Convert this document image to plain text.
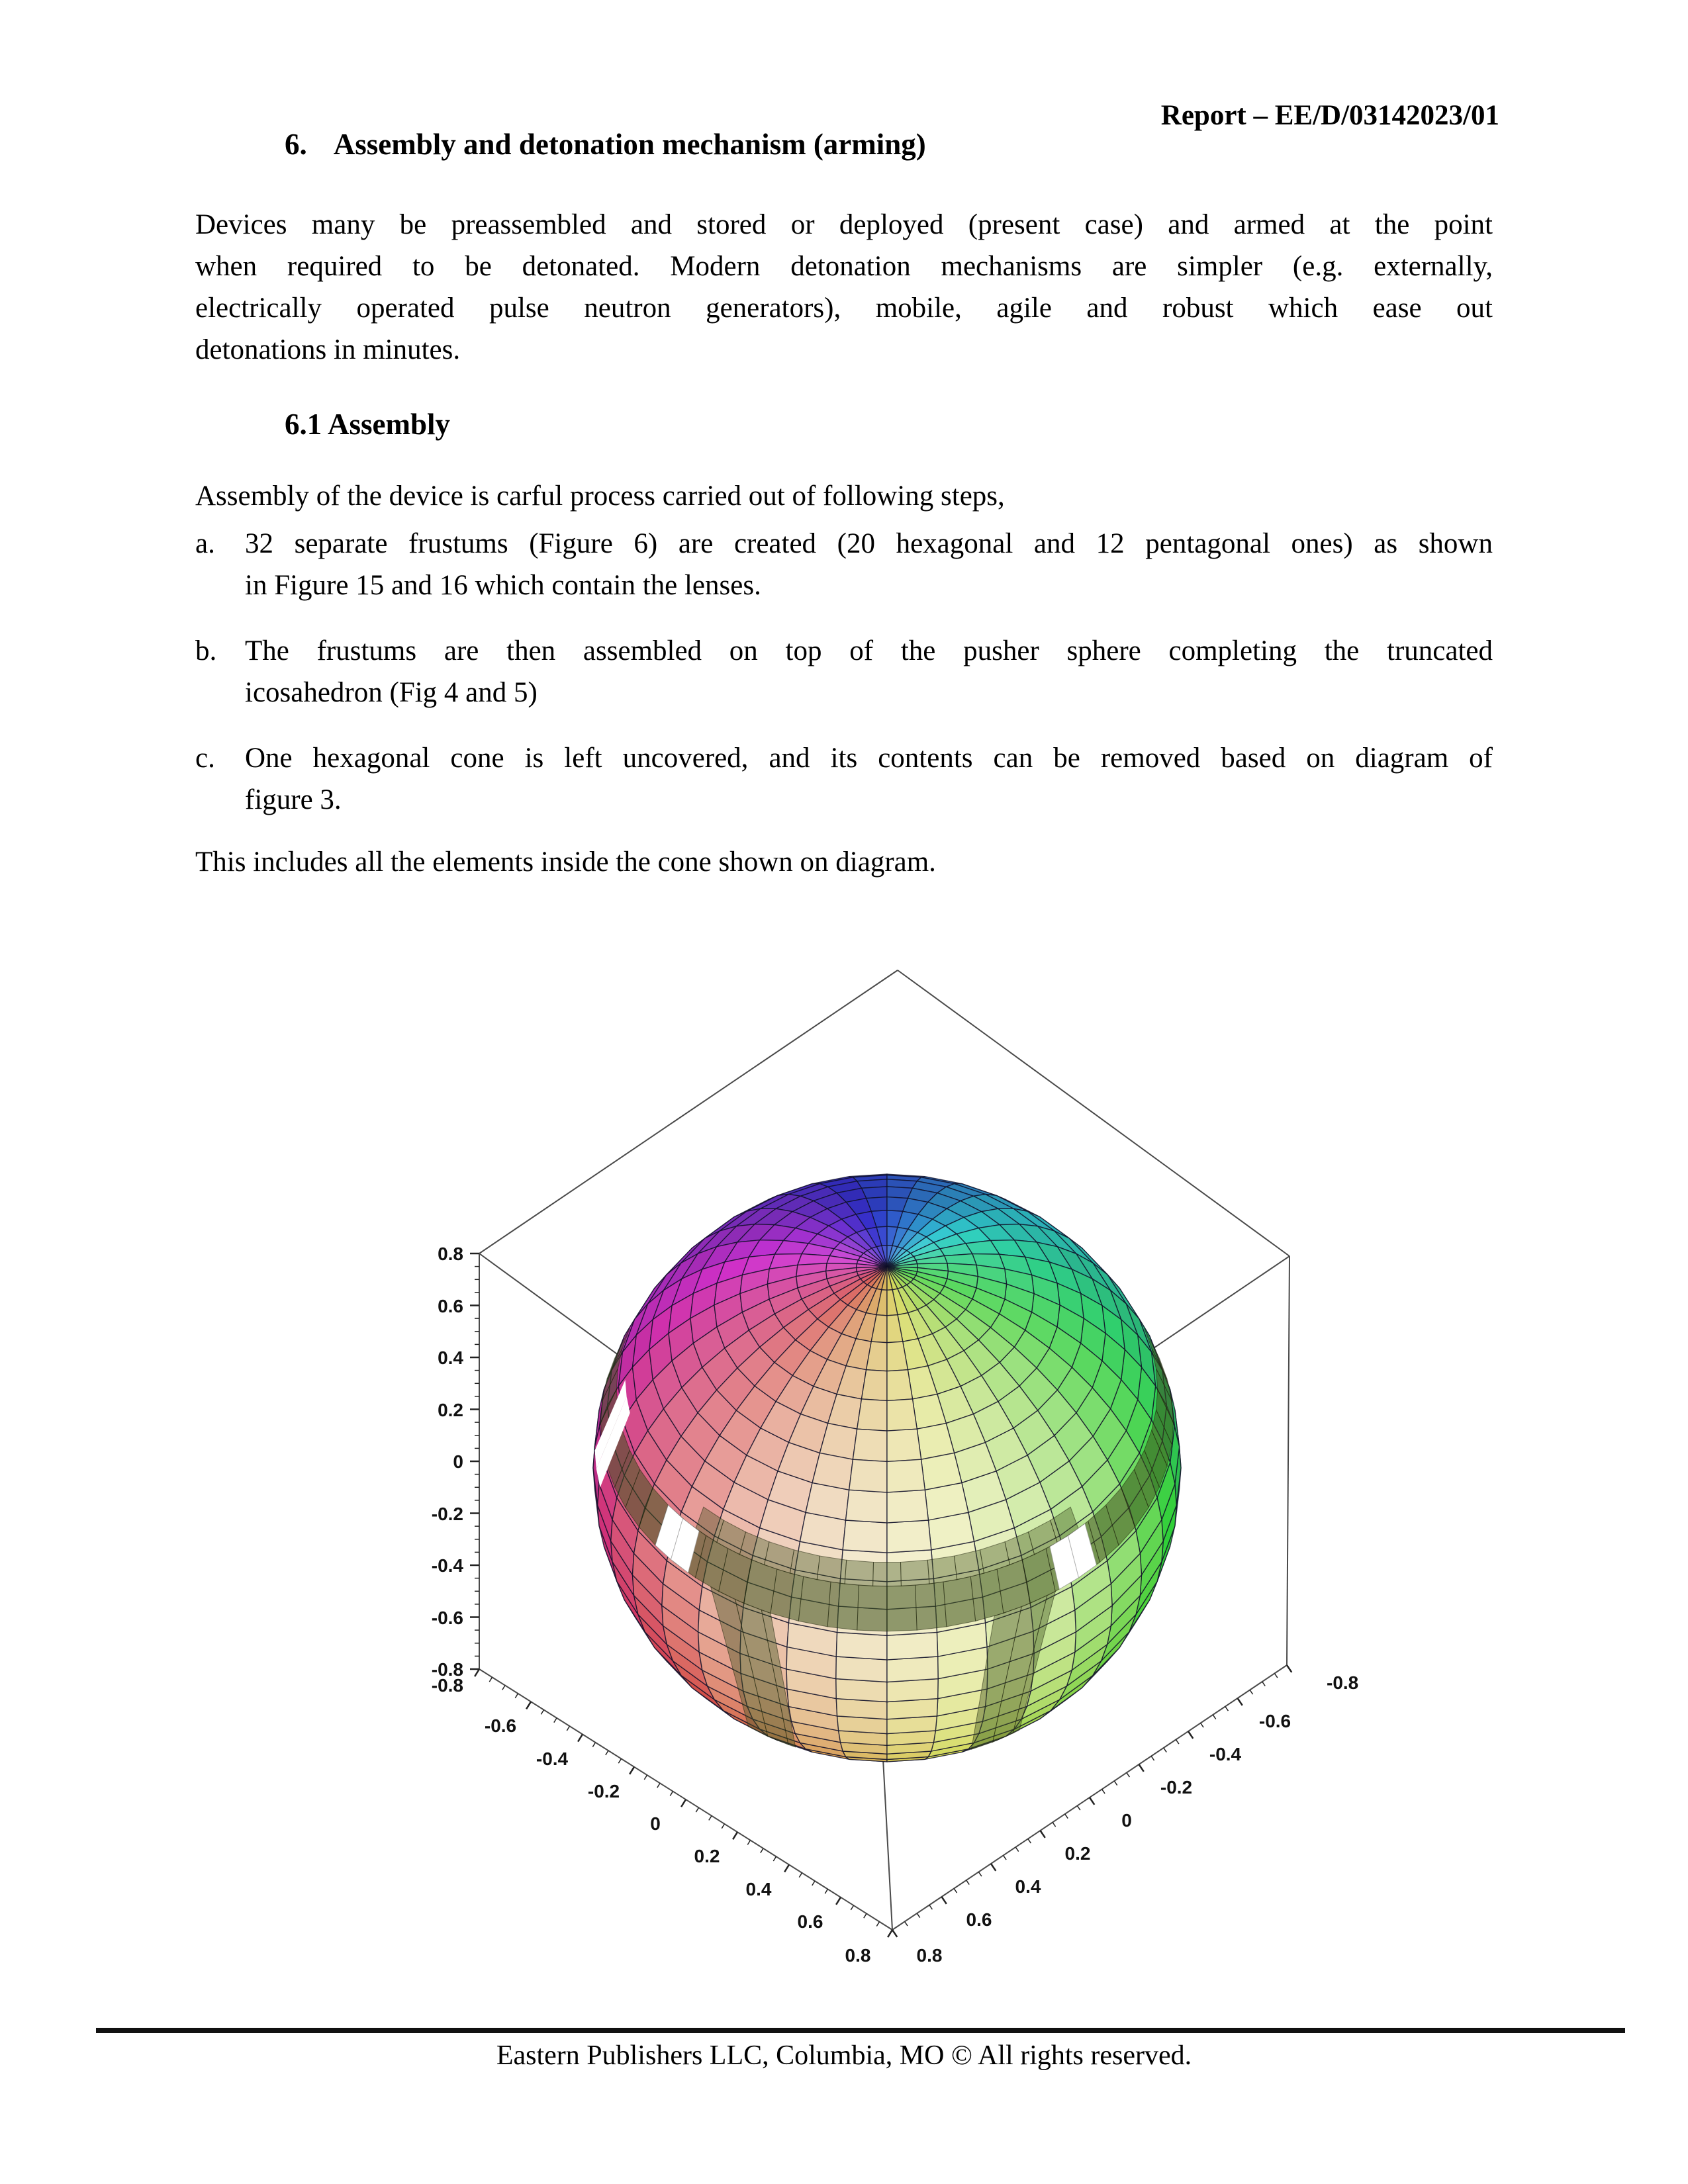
Report – EE/D/03142023/01
6. Assembly and detonation mechanism (arming)
Devices many be preassembled and stored or deployed (present case) and armed at the point
when required to be detonated. Modern detonation mechanisms are simpler (e.g. externally,
electrically operated pulse neutron generators), mobile, agile and robust which ease out
detonations in minutes.
6.1 Assembly
Assembly of the device is carful process carried out of following steps,
a. 32 separate frustums (Figure 6) are created (20 hexagonal and 12 pentagonal ones) as shown
in Figure 15 and 16 which contain the lenses.
b. The frustums are then assembled on top of the pusher sphere completing the truncated
icosahedron (Fig 4 and 5)
c. One hexagonal cone is left uncovered, and its contents can be removed based on diagram of
figure 3.
This includes all the elements inside the cone shown on diagram.
0.8
0.6
0.4
0.2
0
-0.2
-0.4
-0.6
-0.8
-0.8
-0.6
-0.4
-0.2
0
0.2
0.4
0.6
0.8
0.6
0.4
0.2
0
-0.2
-0.4
-0.6
0.8
-0.8
Eastern Publishers LLC, Columbia, MO © All rights reserved.
